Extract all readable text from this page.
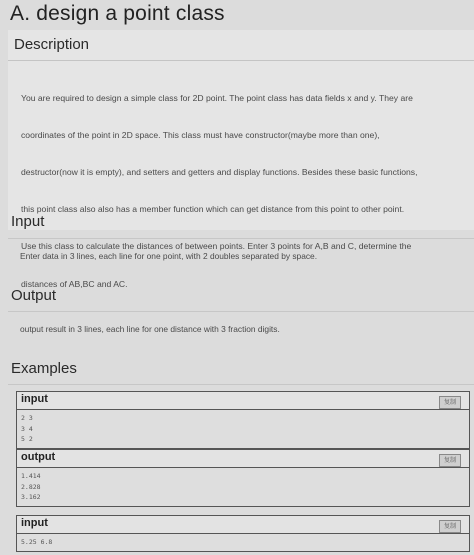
A. design a point class
Description

You are required to design a simple class for 2D point. The point class has data fields x and y. They are

coordinates of the point in 2D space. This class must have constructor(maybe more than one),

destructor(now it is empty), and setters and getters and display functions. Besides these basic functions,

this point class also also has a member function which can get distance from this point to other point.

Use this class to calculate the distances of between points. Enter 3 points for A,B and C, determine the

distances of AB,BC and AC.

Input
Enter data in 3 lines, each line for one point, with 2 doubles separated by space.
Output
output result in 3 lines, each line for one distance with 3 fraction digits.
Examples
input	复制
2 3
3 4
5 2
output	复制
1.414
2.828
3.162
input	复制
5.25 6.8
